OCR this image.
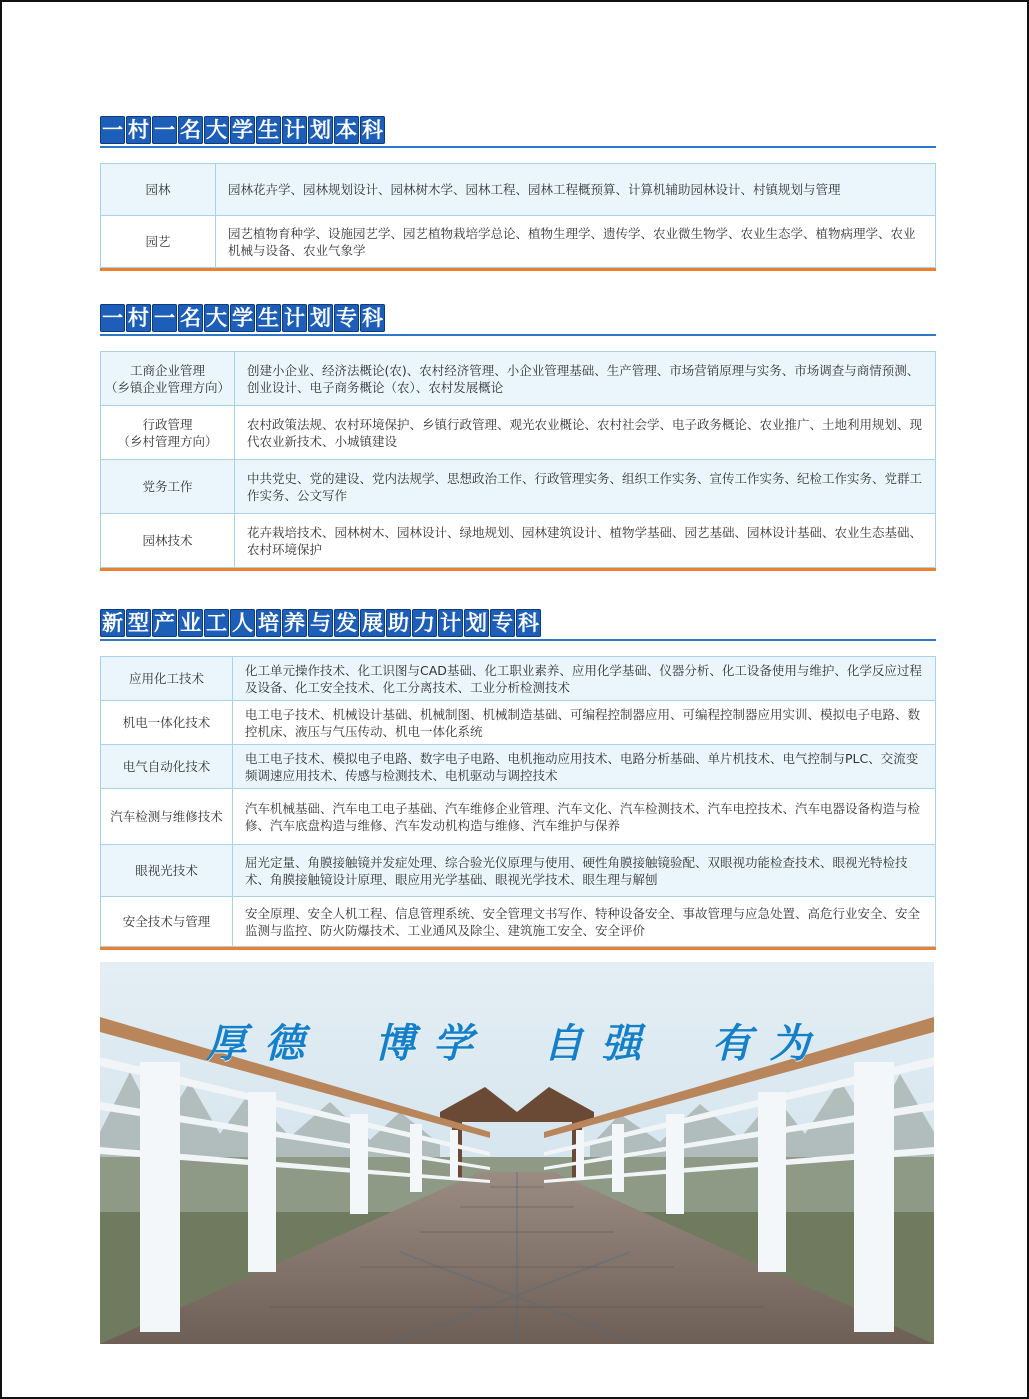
一 村 一 名 大 学 生 计 划 本 科
园林	园林花卉学、园林规划设计、园林树木学、园林工程、园林工程概预算、计算机辅助园林设计、村镇规划与管理

园艺	园艺植物育种学、设施园艺学、园艺植物栽培学总论、植物生理学、遗传学、农业微生物学、农业生态学、植物病理学、农业机械与设备、农业气象学
一 村 一 名 大 学 生 计 划 专 科
工商企业管理
（乡镇企业管理方向）	创建小企业、经济法概论(农)、农村经济管理、小企业管理基础、生产管理、市场营销原理与实务、市场调查与商情预测、创业设计、电子商务概论（农）、农村发展概论

行政管理
（乡村管理方向）	农村政策法规、农村环境保护、乡镇行政管理、观光农业概论、农村社会学、电子政务概论、农业推广、土地利用规划、现代农业新技术、小城镇建设

党务工作	中共党史、党的建设、党内法规学、思想政治工作、行政管理实务、组织工作实务、宣传工作实务、纪检工作实务、党群工作实务、公文写作

园林技术	花卉栽培技术、园林树木、园林设计、绿地规划、园林建筑设计、植物学基础、园艺基础、园林设计基础、农业生态基础、农村环境保护
新 型 产 业 工 人 培 养 与 发 展 助 力 计 划 专 科
应用化工技术	化工单元操作技术、化工识图与CAD基础、化工职业素养、应用化学基础、仪器分析、化工设备使用与维护、化学反应过程及设备、化工安全技术、化工分离技术、工业分析检测技术

机电一体化技术	电工电子技术、机械设计基础、机械制图、机械制造基础、可编程控制器应用、可编程控制器应用实训、模拟电子电路、数控机床、液压与气压传动、机电一体化系统

电气自动化技术	电工电子技术、模拟电子电路、数字电子电路、电机拖动应用技术、电路分析基础、单片机技术、电气控制与PLC、交流变频调速应用技术、传感与检测技术、电机驱动与调控技术

汽车检测与维修技术	汽车机械基础、汽车电工电子基础、汽车维修企业管理、汽车文化、汽车检测技术、汽车电控技术、汽车电器设备构造与检修、汽车底盘构造与维修、汽车发动机构造与维修、汽车维护与保养

眼视光技术	屈光定量、角膜接触镜并发症处理、综合验光仪原理与使用、硬性角膜接触镜验配、双眼视功能检查技术、眼视光特检技术、角膜接触镜设计原理、眼应用光学基础、眼视光学技术、眼生理与解刨

安全技术与管理	安全原理、安全人机工程、信息管理系统、安全管理文书写作、特种设备安全、事故管理与应急处置、高危行业安全、安全监测与监控、防火防爆技术、工业通风及除尘、建筑施工安全、安全评价
厚德 博学 自强 有为
